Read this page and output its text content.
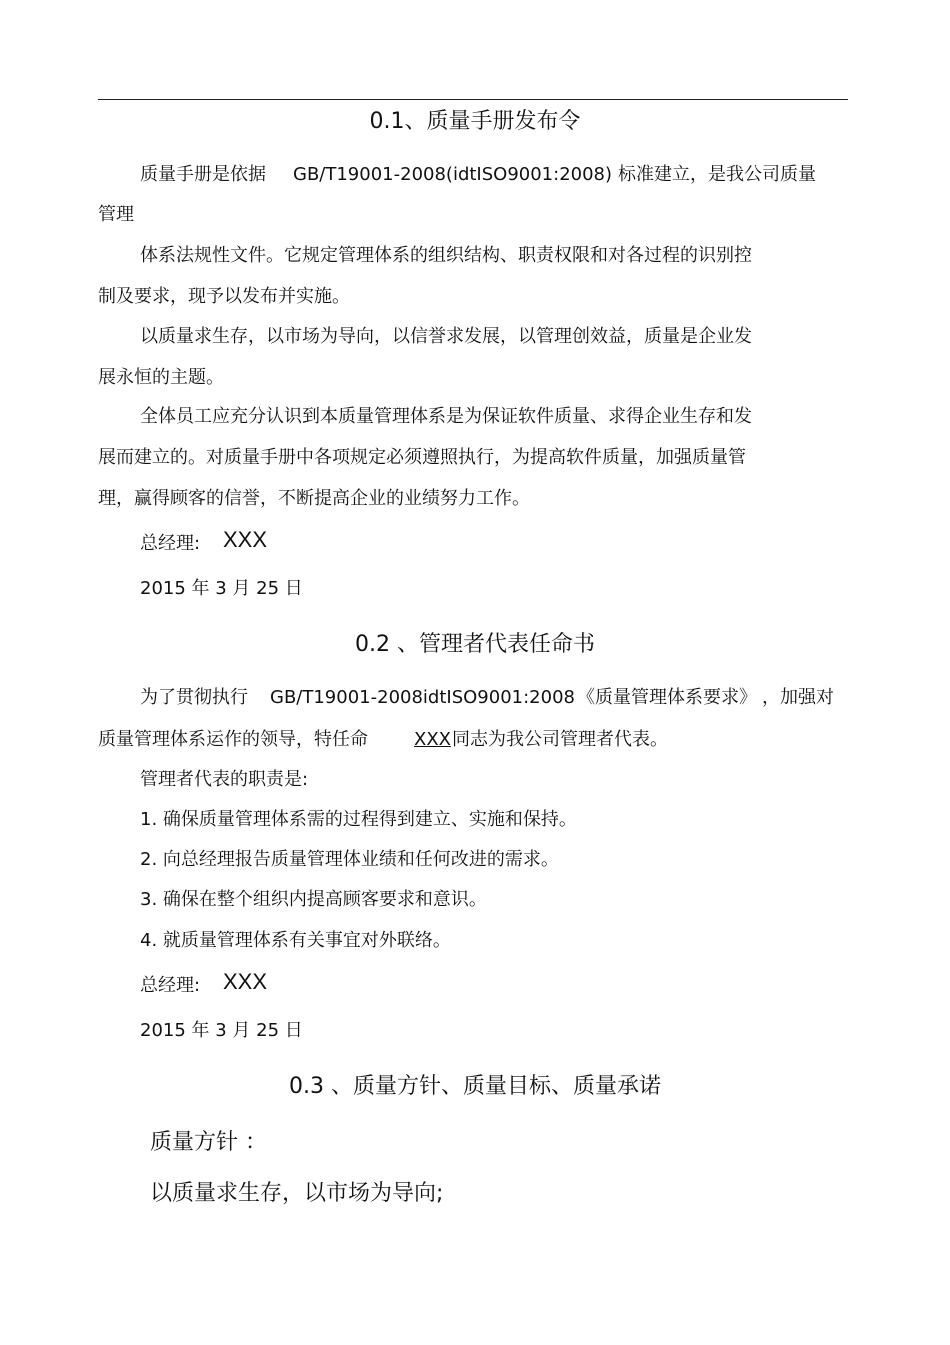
0.1、质量手册发布令
质量手册是依据 GB/T19001-2008(idtISO9001:2008) 标准建立，是我公司质量
管理
体系法规性文件。它规定管理体系的组织结构、职责权限和对各过程的识别控
制及要求，现予以发布并实施。
以质量求生存，以市场为导向，以信誉求发展，以管理创效益，质量是企业发
展永恒的主题。
全体员工应充分认识到本质量管理体系是为保证软件质量、求得企业生存和发
展而建立的。对质量手册中各项规定必须遵照执行，为提高软件质量，加强质量管
理，赢得顾客的信誉，不断提高企业的业绩努力工作。
总经理: XXX
2015 年 3 月 25 日
0.2 、管理者代表任命书
为了贯彻执行 GB/T19001-2008idtISO9001:2008 《质量管理体系要求》 ，加强对
质量管理体系运作的领导，特任命	XXX 同志为我公司管理者代表。
管理者代表的职责是:
1. 确保质量管理体系需的过程得到建立、实施和保持。
2. 向总经理报告质量管理体业绩和任何改进的需求。
3. 确保在整个组织内提高顾客要求和意识。
4. 就质量管理体系有关事宜对外联络。
总经理: XXX
2015 年 3 月 25 日
0.3 、质量方针、质量目标、质量承诺
质量方针 ：
以质量求生存，以市场为导向;
